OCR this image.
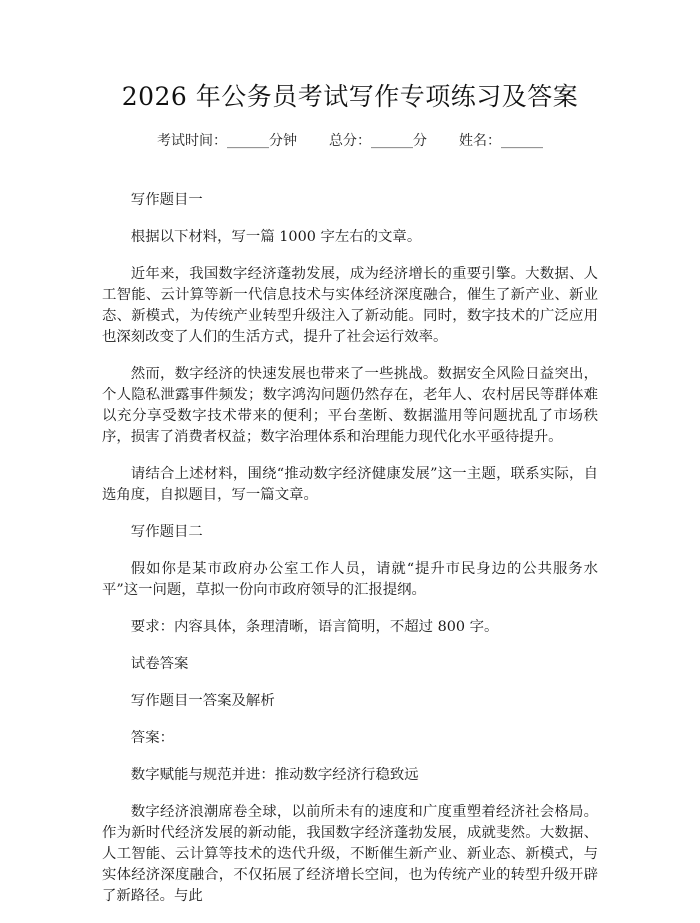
2026 年公务员考试写作专项练习及答案
考试时间：______分钟 总分：______分 姓名：______

写作题目一

根据以下材料，写一篇 1000 字左右的文章。

近年来，我国数字经济蓬勃发展，成为经济增长的重要引擎。大数据、人工智能、云计算等新一代信息技术与实体经济深度融合，催生了新产业、新业态、新模式，为传统产业转型升级注入了新动能。同时，数字技术的广泛应用也深刻改变了人们的生活方式，提升了社会运行效率。

然而，数字经济的快速发展也带来了一些挑战。数据安全风险日益突出，个人隐私泄露事件频发；数字鸿沟问题仍然存在，老年人、农村居民等群体难以充分享受数字技术带来的便利；平台垄断、数据滥用等问题扰乱了市场秩序，损害了消费者权益；数字治理体系和治理能力现代化水平亟待提升。

请结合上述材料，围绕“推动数字经济健康发展”这一主题，联系实际，自选角度，自拟题目，写一篇文章。

写作题目二

假如你是某市政府办公室工作人员，请就“提升市民身边的公共服务水平”这一问题，草拟一份向市政府领导的汇报提纲。

要求：内容具体，条理清晰，语言简明，不超过 800 字。

试卷答案

写作题目一答案及解析

答案：

数字赋能与规范并进：推动数字经济行稳致远

数字经济浪潮席卷全球，以前所未有的速度和广度重塑着经济社会格局。作为新时代经济发展的新动能，我国数字经济蓬勃发展，成就斐然。大数据、人工智能、云计算等技术的迭代升级，不断催生新产业、新业态、新模式，与实体经济深度融合，不仅拓展了经济增长空间，也为传统产业的转型升级开辟了新路径。与此
